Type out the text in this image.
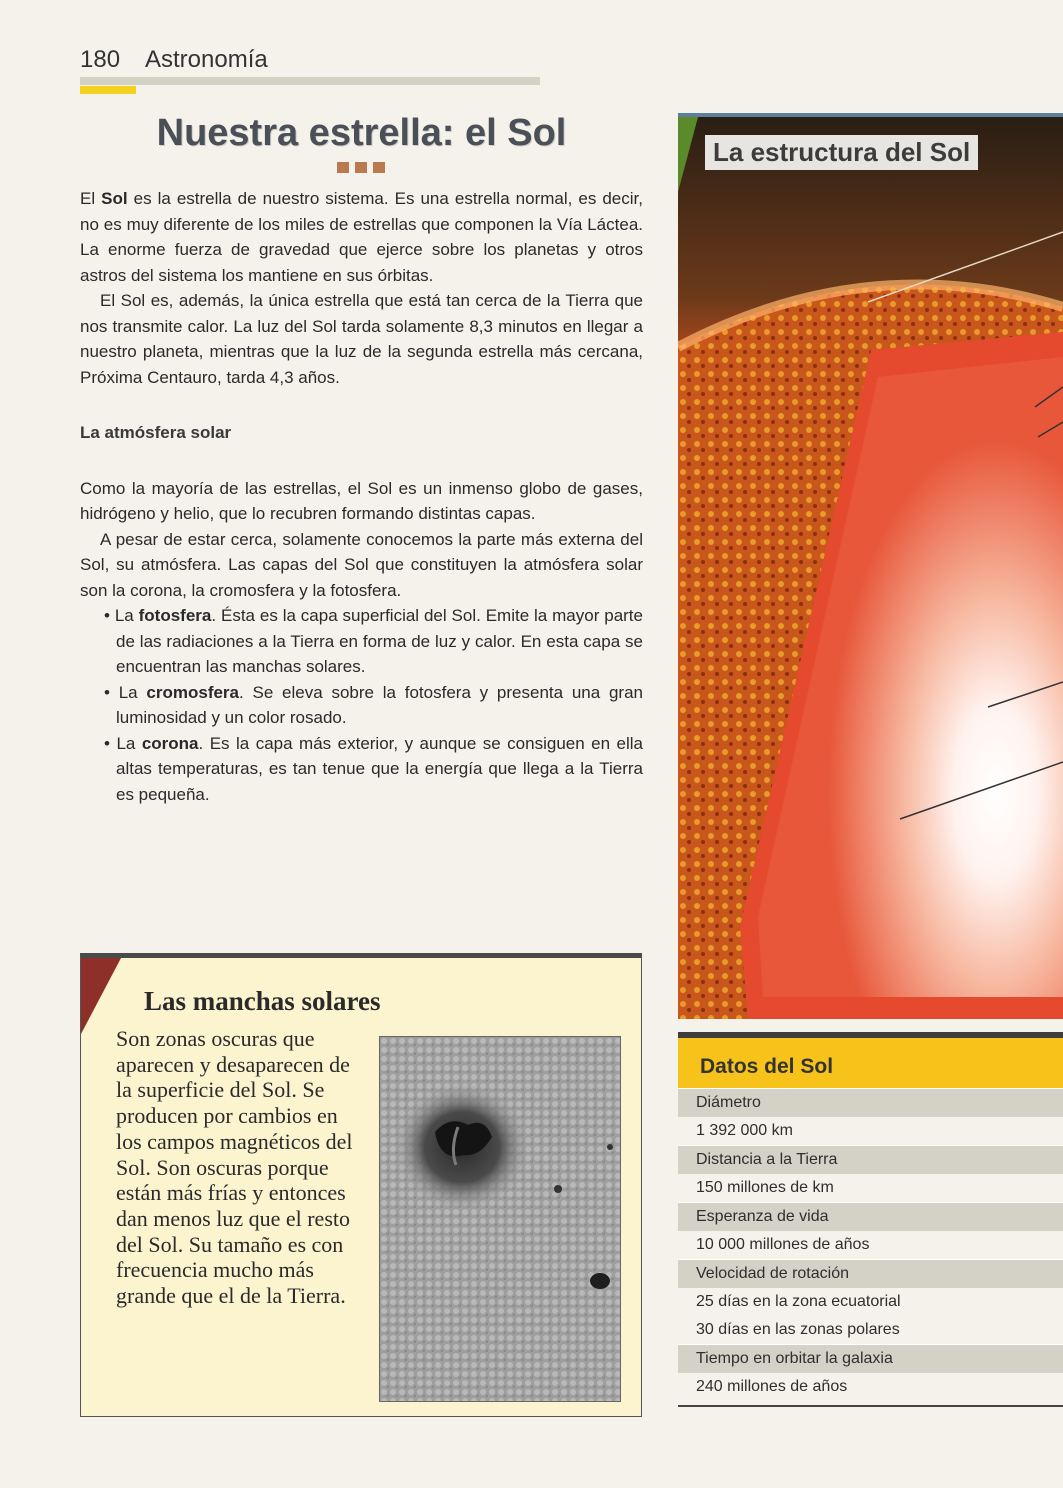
180 Astronomía
Nuestra estrella: el Sol

El Sol es la estrella de nuestro sistema. Es una estrella normal, es decir, no es muy diferente de los miles de estrellas que componen la Vía Láctea. La enorme fuerza de gravedad que ejerce sobre los planetas y otros astros del sistema los mantiene en sus órbitas.

El Sol es, además, la única estrella que está tan cerca de la Tierra que nos transmite calor. La luz del Sol tarda solamente 8,3 minutos en llegar a nuestro planeta, mientras que la luz de la segunda estrella más cercana, Próxima Centauro, tarda 4,3 años.

La atmósfera solar

Como la mayoría de las estrellas, el Sol es un inmenso globo de gases, hidrógeno y helio, que lo recubren formando distintas capas.

A pesar de estar cerca, solamente conocemos la parte más externa del Sol, su atmósfera. Las capas del Sol que constituyen la atmósfera solar son la corona, la cromosfera y la fotosfera.

• La fotosfera. Ésta es la capa superficial del Sol. Emite la mayor parte de las radiaciones a la Tierra en forma de luz y calor. En esta capa se encuentran las manchas solares.

• La cromosfera. Se eleva sobre la fotosfera y presenta una gran luminosidad y un color rosado.

• La corona. Es la capa más exterior, y aunque se consiguen en ella altas temperaturas, es tan tenue que la energía que llega a la Tierra es pequeña.

Las manchas solares
Son zonas oscuras que aparecen y desaparecen de la superficie del Sol. Se producen por cambios en los campos magnéticos del Sol. Son oscuras porque están más frías y entonces dan menos luz que el resto del Sol. Su tamaño es con frecuencia mucho más grande que el de la Tierra.
La estructura del Sol
Datos del Sol
Diámetro
1 392 000 km
Distancia a la Tierra
150 millones de km
Esperanza de vida
10 000 millones de años
Velocidad de rotación
25 días en la zona ecuatorial
30 días en las zonas polares
Tiempo en orbitar la galaxia
240 millones de años
